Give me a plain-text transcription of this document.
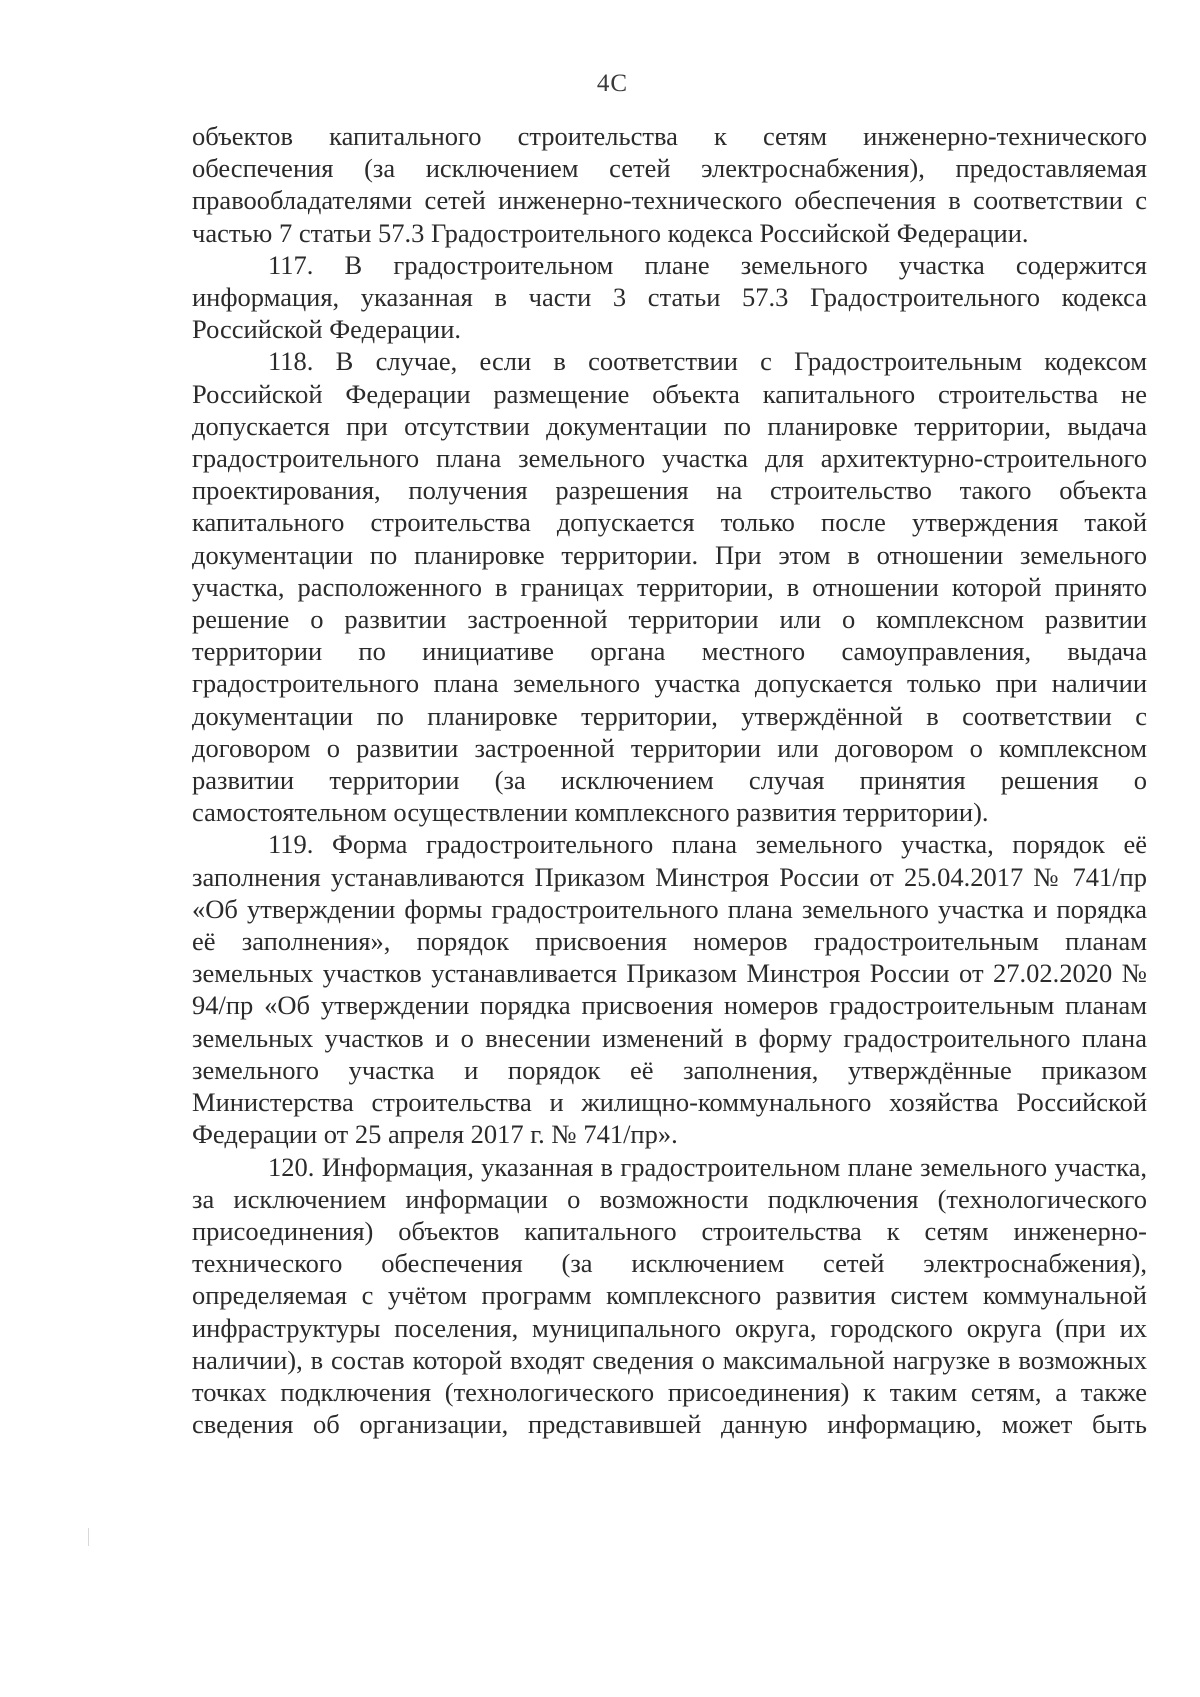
4С

объектов капитального строительства к сетям инженерно-технического обеспечения (за исключением сетей электроснабжения), предоставляемая правообладателями сетей инженерно-технического обеспечения в соответствии с частью 7 статьи 57.3 Градостроительного кодекса Российской Федерации.

117. В градостроительном плане земельного участка содержится информация, указанная в части 3 статьи 57.3 Градостроительного кодекса Российской Федерации.

118. В случае, если в соответствии с Градостроительным кодексом Российской Федерации размещение объекта капитального строительства не допускается при отсутствии документации по планировке территории, выдача градостроительного плана земельного участка для архитектурно-строительного проектирования, получения разрешения на строительство такого объекта капитального строительства допускается только после утверждения такой документации по планировке территории. При этом в отношении земельного участка, расположенного в границах территории, в отношении которой принято решение о развитии застроенной территории или о комплексном развитии территории по инициативе органа местного самоуправления, выдача градостроительного плана земельного участка допускается только при наличии документации по планировке территории, утверждённой в соответствии с договором о развитии застроенной территории или договором о комплексном развитии территории (за исключением случая принятия решения о самостоятельном осуществлении комплексного развития территории).

119. Форма градостроительного плана земельного участка, порядок её заполнения устанавливаются Приказом Минстроя России от 25.04.2017 № 741/пр «Об утверждении формы градостроительного плана земельного участка и порядка её заполнения», порядок присвоения номеров градостроительным планам земельных участков устанавливается Приказом Минстроя России от 27.02.2020 № 94/пр «Об утверждении порядка присвоения номеров градостроительным планам земельных участков и о внесении изменений в форму градостроительного плана земельного участка и порядок её заполнения, утверждённые приказом Министерства строительства и жилищно-коммунального хозяйства Российской Федерации от 25 апреля 2017 г. № 741/пр».

120. Информация, указанная в градостроительном плане земельного участка, за исключением информации о возможности подключения (технологического присоединения) объектов капитального строительства к сетям инженерно-технического обеспечения (за исключением сетей электроснабжения), определяемая с учётом программ комплексного развития систем коммунальной инфраструктуры поселения, муниципального округа, городского округа (при их наличии), в состав которой входят сведения о максимальной нагрузке в возможных точках подключения (технологического присоединения) к таким сетям, а также сведения об организации, представившей данную информацию, может быть
